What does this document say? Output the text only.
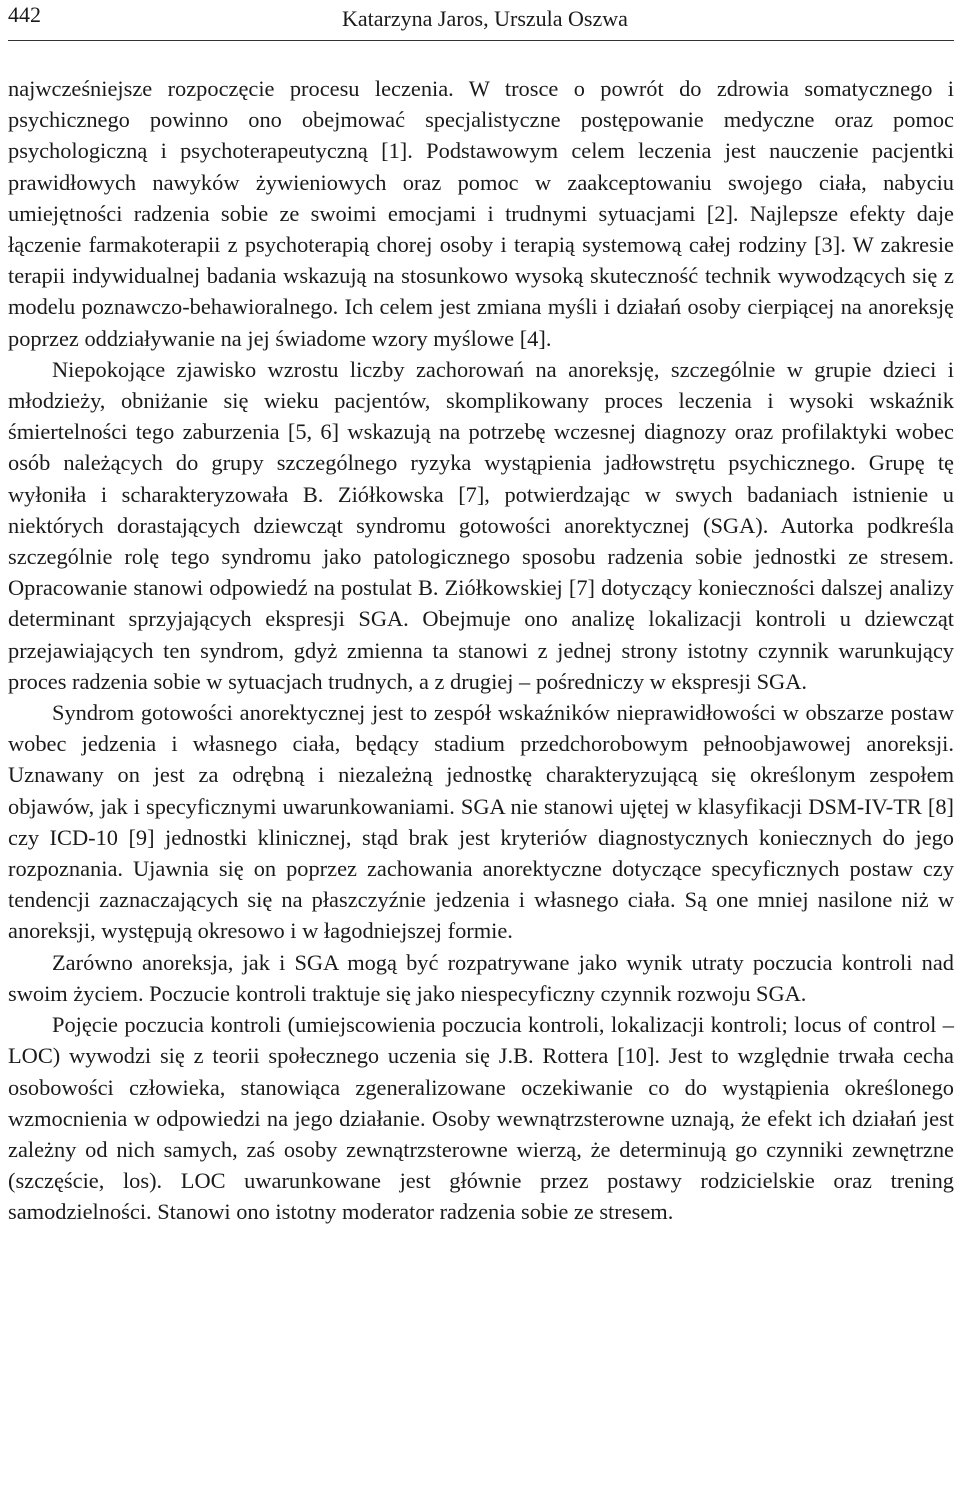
442	Katarzyna Jaros, Urszula Oszwa

najwcześniejsze rozpoczęcie procesu leczenia. W trosce o powrót do zdrowia somatycznego i psychicznego powinno ono obejmować specjalistyczne postępowanie medyczne oraz pomoc psychologiczną i psychoterapeutyczną [1]. Podstawowym celem leczenia jest nauczenie pacjentki prawidłowych nawyków żywieniowych oraz pomoc w zaakceptowaniu swojego ciała, nabyciu umiejętności radzenia sobie ze swoimi emocjami i trudnymi sytuacjami [2]. Najlepsze efekty daje łączenie farmakoterapii z psychoterapią chorej osoby i terapią systemową całej rodziny [3]. W zakresie terapii indywidualnej badania wskazują na stosunkowo wysoką skuteczność technik wywodzących się z modelu poznawczo-behawioralnego. Ich celem jest zmiana myśli i działań osoby cierpiącej na anoreksję poprzez oddziaływanie na jej świadome wzory myślowe [4].

Niepokojące zjawisko wzrostu liczby zachorowań na anoreksję, szczególnie w grupie dzieci i młodzieży, obniżanie się wieku pacjentów, skomplikowany proces leczenia i wysoki wskaźnik śmiertelności tego zaburzenia [5, 6] wskazują na potrzebę wczesnej diagnozy oraz profilaktyki wobec osób należących do grupy szczególnego ryzyka wystąpienia jadłowstrętu psychicznego. Grupę tę wyłoniła i scharakteryzowała B. Ziółkowska [7], potwierdzając w swych badaniach istnienie u niektórych dorastających dziewcząt syndromu gotowości anorektycznej (SGA). Autorka podkreśla szczególnie rolę tego syndromu jako patologicznego sposobu radzenia sobie jednostki ze stresem. Opracowanie stanowi odpowiedź na postulat B. Ziółkowskiej [7] dotyczący konieczności dalszej analizy determinant sprzyjających ekspresji SGA. Obejmuje ono analizę lokalizacji kontroli u dziewcząt przejawiających ten syndrom, gdyż zmienna ta stanowi z jednej strony istotny czynnik warunkujący proces radzenia sobie w sytuacjach trudnych, a z drugiej – pośredniczy w ekspresji SGA.

Syndrom gotowości anorektycznej jest to zespół wskaźników nieprawidłowości w obszarze postaw wobec jedzenia i własnego ciała, będący stadium przedchorobowym pełnoobjawowej anoreksji. Uznawany on jest za odrębną i niezależną jednostkę charakteryzującą się określonym zespołem objawów, jak i specyficznymi uwarunkowaniami. SGA nie stanowi ujętej w klasyfikacji DSM-IV-TR [8] czy ICD-10 [9] jednostki klinicznej, stąd brak jest kryteriów diagnostycznych koniecznych do jego rozpoznania. Ujawnia się on poprzez zachowania anorektyczne dotyczące specyficznych postaw czy tendencji zaznaczających się na płaszczyźnie jedzenia i własnego ciała. Są one mniej nasilone niż w anoreksji, występują okresowo i w łagodniejszej formie.

Zarówno anoreksja, jak i SGA mogą być rozpatrywane jako wynik utraty poczucia kontroli nad swoim życiem. Poczucie kontroli traktuje się jako niespecyficzny czynnik rozwoju SGA.

Pojęcie poczucia kontroli (umiejscowienia poczucia kontroli, lokalizacji kontroli; locus of control – LOC) wywodzi się z teorii społecznego uczenia się J.B. Rottera [10]. Jest to względnie trwała cecha osobowości człowieka, stanowiąca zgeneralizowane oczekiwanie co do wystąpienia określonego wzmocnienia w odpowiedzi na jego działanie. Osoby wewnątrzsterowne uznają, że efekt ich działań jest zależny od nich samych, zaś osoby zewnątrzsterowne wierzą, że determinują go czynniki zewnętrzne (szczęście, los). LOC uwarunkowane jest głównie przez postawy rodzicielskie oraz trening samodzielności. Stanowi ono istotny moderator radzenia sobie ze stresem.
